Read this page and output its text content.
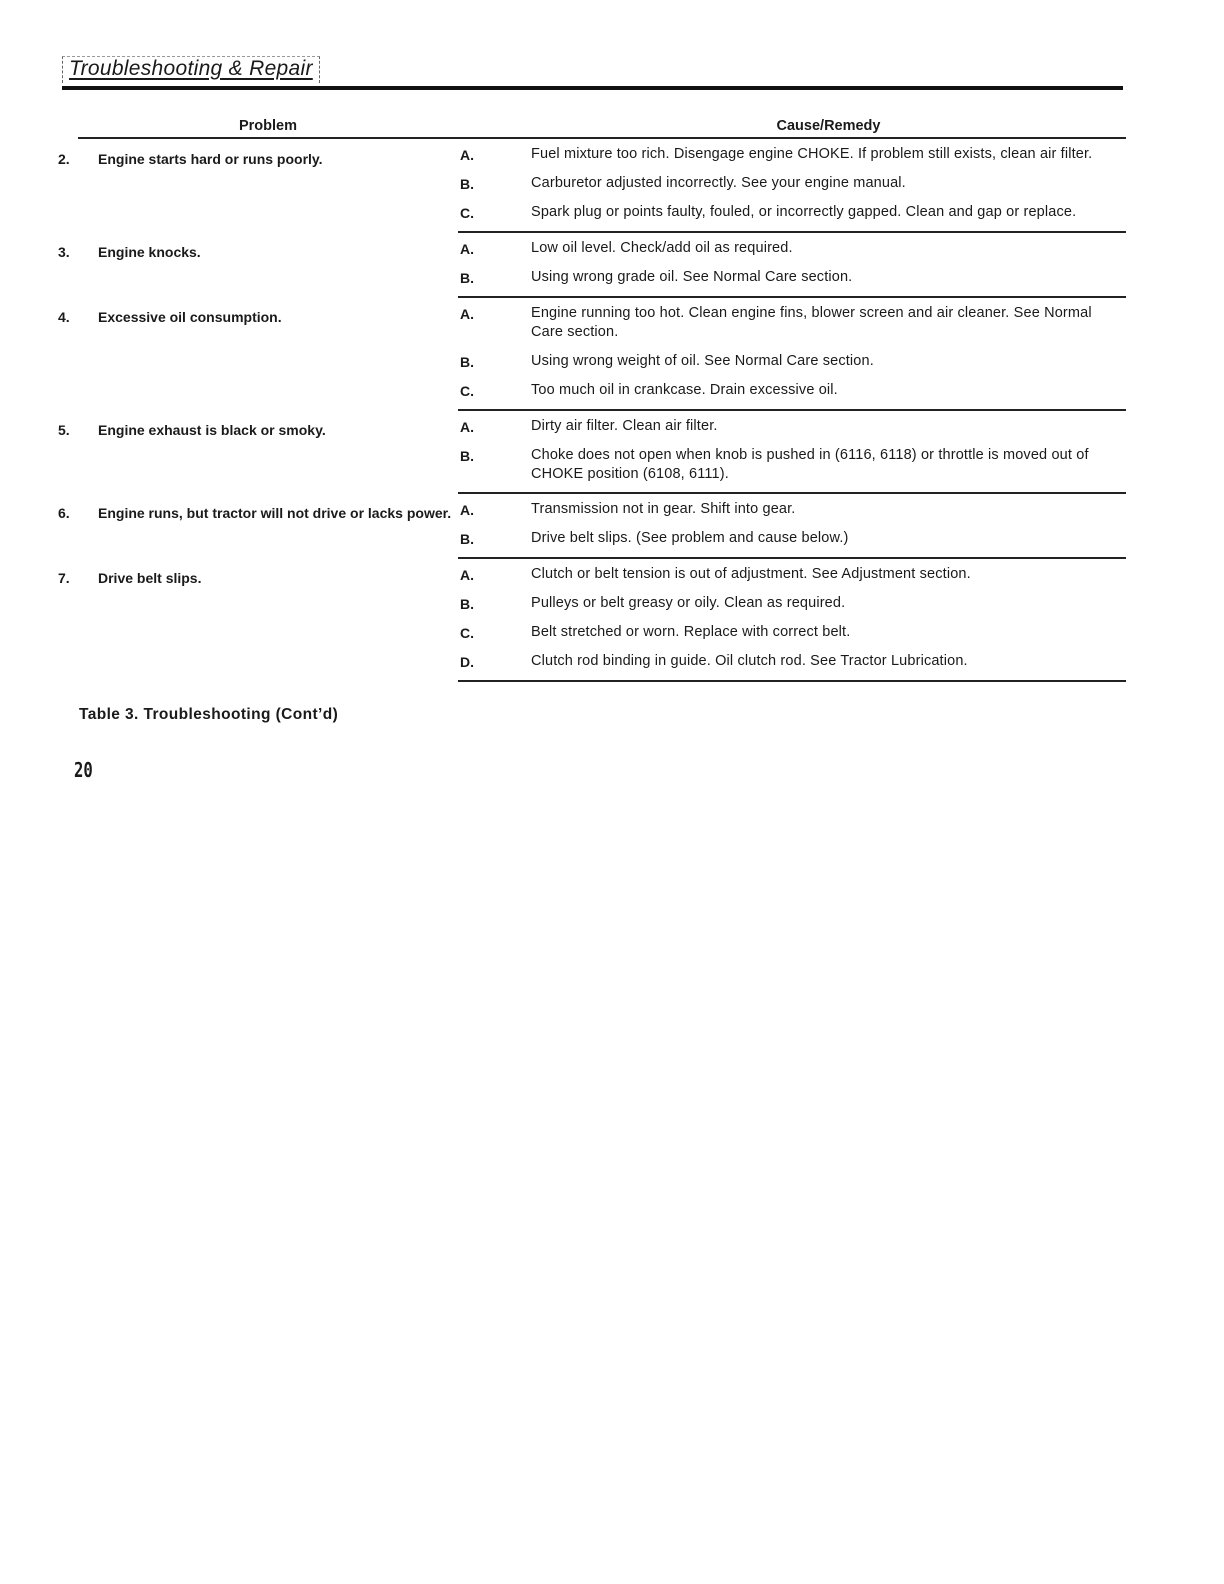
Troubleshooting & Repair
Problem		Cause/Remedy

2. Engine starts hard or runs poorly.	A.	Fuel mixture too rich. Disengage engine CHOKE. If problem still exists, clean air filter.
	B.	Carburetor adjusted incorrectly. See your engine manual.
	C.	Spark plug or points faulty, fouled, or incorrectly gapped. Clean and gap or replace.

3. Engine knocks.	A.	Low oil level. Check/add oil as required.
	B.	Using wrong grade oil. See Normal Care section.

4. Excessive oil consumption.	A.	Engine running too hot. Clean engine fins, blower screen and air cleaner. See Normal Care section.
	B.	Using wrong weight of oil. See Normal Care section.
	C.	Too much oil in crankcase. Drain excessive oil.

5. Engine exhaust is black or smoky.	A.	Dirty air filter. Clean air filter.
	B.	Choke does not open when knob is pushed in (6116, 6118) or throttle is moved out of CHOKE position (6108, 6111).

6. Engine runs, but tractor will not drive or lacks power.	A.	Transmission not in gear. Shift into gear.
	B.	Drive belt slips. (See problem and cause below.)

7. Drive belt slips.	A.	Clutch or belt tension is out of adjustment. See Adjustment section.
	B.	Pulleys or belt greasy or oily. Clean as required.
	C.	Belt stretched or worn. Replace with correct belt.
	D.	Clutch rod binding in guide. Oil clutch rod. See Tractor Lubrication.
Table 3. Troubleshooting (Cont’d)
20
